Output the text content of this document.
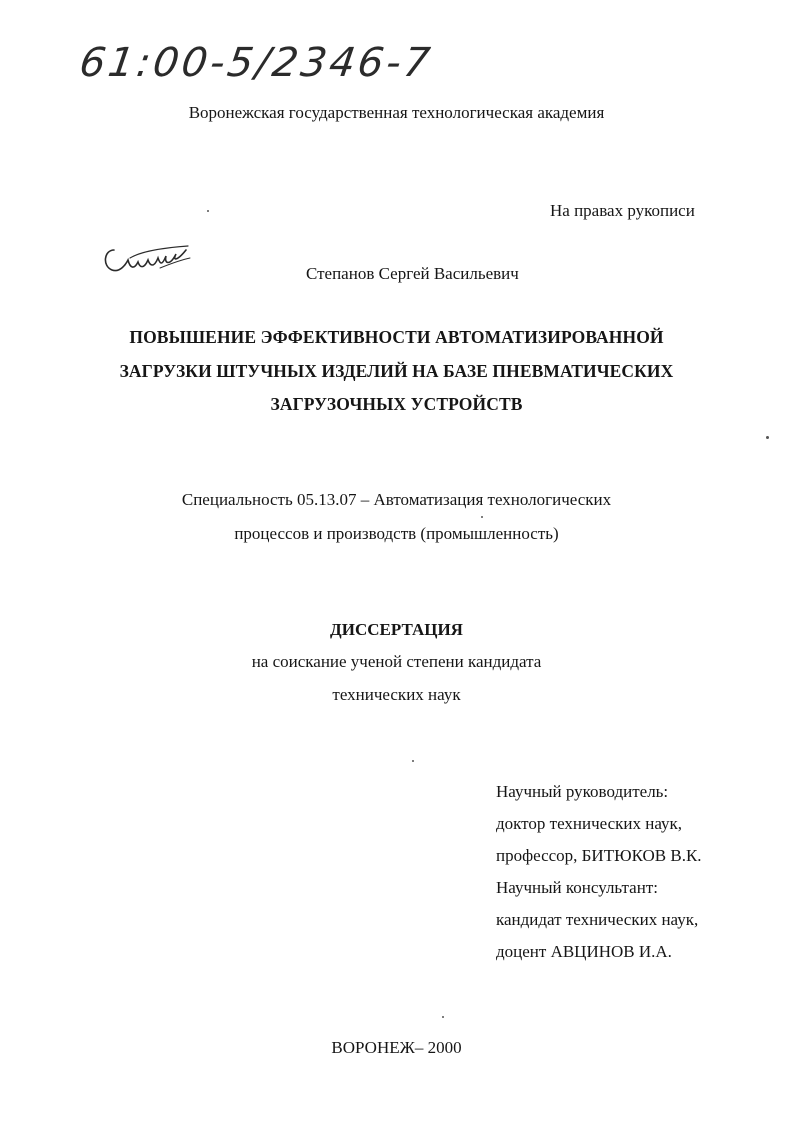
61:00-5/2346-7
Воронежская государственная технологическая академия
На правах рукописи
Степанов Сергей Васильевич
ПОВЫШЕНИЕ ЭФФЕКТИВНОСТИ АВТОМАТИЗИРОВАННОЙ
ЗАГРУЗКИ ШТУЧНЫХ ИЗДЕЛИЙ НА БАЗЕ ПНЕВМАТИЧЕСКИХ
ЗАГРУЗОЧНЫХ УСТРОЙСТВ
Специальность 05.13.07 – Автоматизация технологических
процессов и производств (промышленность)
ДИССЕРТАЦИЯ
на соискание ученой степени кандидата
технических наук
Научный руководитель:
доктор технических наук,
профессор, БИТЮКОВ В.К.
Научный консультант:
кандидат технических наук,
доцент АВЦИНОВ И.А.
ВОРОНЕЖ– 2000
